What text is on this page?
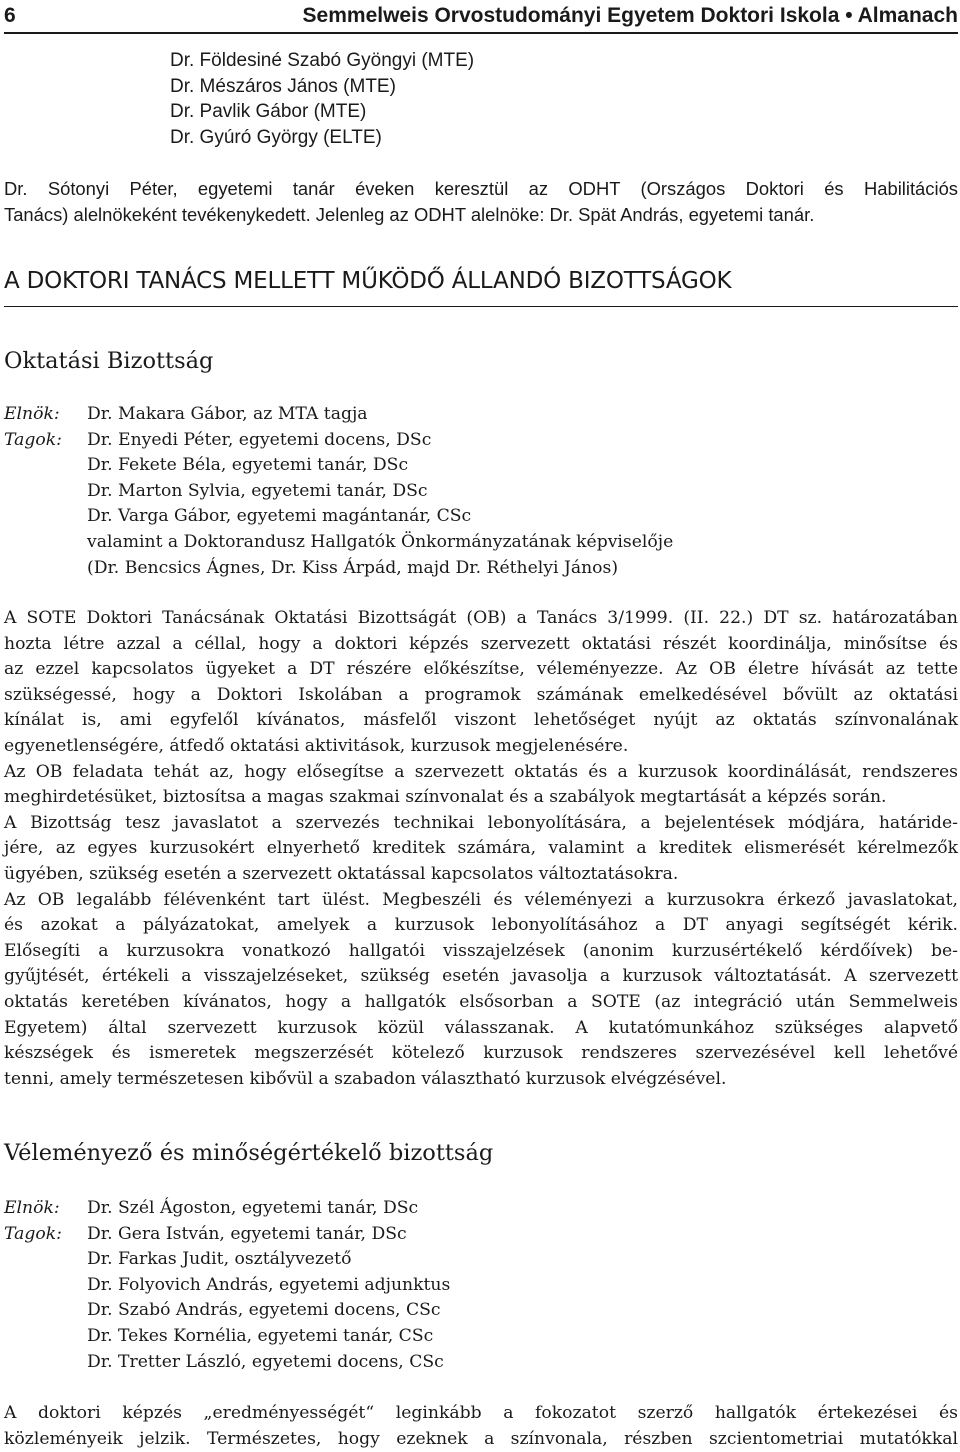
6	Semmelweis Orvostudományi Egyetem Doktori Iskola • Almanach
Dr. Földesiné Szabó Gyöngyi (MTE)
Dr. Mészáros János (MTE)
Dr. Pavlik Gábor (MTE)
Dr. Gyúró György (ELTE)
Dr. Sótonyi Péter, egyetemi tanár éveken keresztül az ODHT (Országos Doktori és Habilitációs
Tanács) alelnökeként tevékenykedett. Jelenleg az ODHT alelnöke: Dr. Spät András, egyetemi tanár.
A DOKTORI TANÁCS MELLETT MŰKÖDŐ ÁLLANDÓ BIZOTTSÁGOK
Oktatási Bizottság
Elnök:	Dr. Makara Gábor, az MTA tagja
Tagok:	Dr. Enyedi Péter, egyetemi docens, DSc
Dr. Fekete Béla, egyetemi tanár, DSc
Dr. Marton Sylvia, egyetemi tanár, DSc
Dr. Varga Gábor, egyetemi magántanár, CSc
valamint a Doktorandusz Hallgatók Önkormányzatának képviselője
(Dr. Bencsics Ágnes, Dr. Kiss Árpád, majd Dr. Réthelyi János)
A SOTE Doktori Tanácsának Oktatási Bizottságát (OB) a Tanács 3/1999. (II. 22.) DT sz. határozatában
hozta létre azzal a céllal, hogy a doktori képzés szervezett oktatási részét koordinálja, minősítse és
az ezzel kapcsolatos ügyeket a DT részére előkészítse, véleményezze. Az OB életre hívását az tette
szükségessé, hogy a Doktori Iskolában a programok számának emelkedésével bővült az oktatási
kínálat is, ami egyfelől kívánatos, másfelől viszont lehetőséget nyújt az oktatás színvonalának
egyenetlenségére, átfedő oktatási aktivitások, kurzusok megjelenésére.
Az OB feladata tehát az, hogy elősegítse a szervezett oktatás és a kurzusok koordinálását, rendszeres
meghirdetésüket, biztosítsa a magas szakmai színvonalat és a szabályok megtartását a képzés során.
A Bizottság tesz javaslatot a szervezés technikai lebonyolítására, a bejelentések módjára, határide-
jére, az egyes kurzusokért elnyerhető kreditek számára, valamint a kreditek elismerését kérelmezők
ügyében, szükség esetén a szervezett oktatással kapcsolatos változtatásokra.
Az OB legalább félévenként tart ülést. Megbeszéli és véleményezi a kurzusokra érkező javaslatokat,
és azokat a pályázatokat, amelyek a kurzusok lebonyolításához a DT anyagi segítségét kérik.
Elősegíti a kurzusokra vonatkozó hallgatói visszajelzések (anonim kurzusértékelő kérdőívek) be-
gyűjtését, értékeli a visszajelzéseket, szükség esetén javasolja a kurzusok változtatását. A szervezett
oktatás keretében kívánatos, hogy a hallgatók elsősorban a SOTE (az integráció után Semmelweis
Egyetem) által szervezett kurzusok közül válasszanak. A kutatómunkához szükséges alapvető
készségek és ismeretek megszerzését kötelező kurzusok rendszeres szervezésével kell lehetővé
tenni, amely természetesen kibővül a szabadon választható kurzusok elvégzésével.
Véleményező és minőségértékelő bizottság
Elnök:	Dr. Szél Ágoston, egyetemi tanár, DSc
Tagok:	Dr. Gera István, egyetemi tanár, DSc
Dr. Farkas Judit, osztályvezető
Dr. Folyovich András, egyetemi adjunktus
Dr. Szabó András, egyetemi docens, CSc
Dr. Tekes Kornélia, egyetemi tanár, CSc
Dr. Tretter László, egyetemi docens, CSc
A doktori képzés „eredményességét“ leginkább a fokozatot szerző hallgatók értekezései és
közleményeik jelzik. Természetes, hogy ezeknek a színvonala, részben szcientometriai mutatókkal
